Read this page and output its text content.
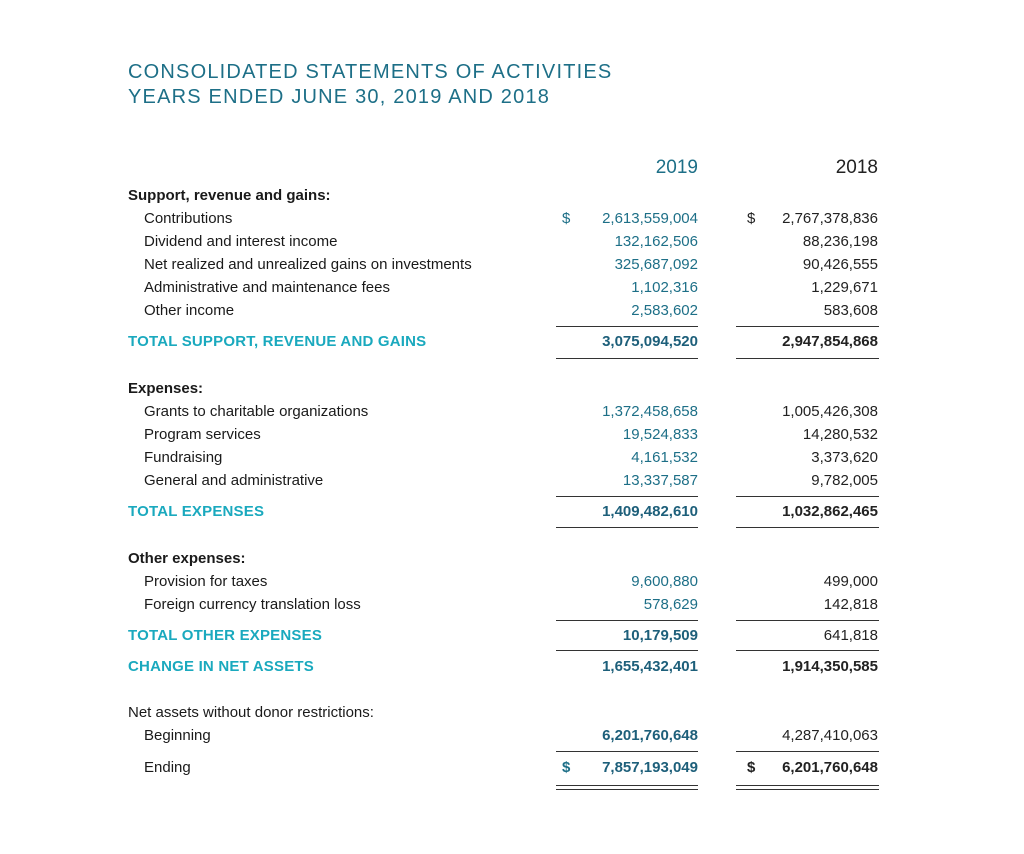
CONSOLIDATED STATEMENTS OF ACTIVITIES
YEARS ENDED JUNE 30, 2019 AND 2018
2019	2018
Support, revenue and gains:
Contributions	$	2,613,559,004	$	2,767,378,836
Dividend and interest income	132,162,506	88,236,198
Net realized and unrealized gains on investments	325,687,092	90,426,555
Administrative and maintenance fees	1,102,316	1,229,671
Other income	2,583,602	583,608
TOTAL SUPPORT, REVENUE AND GAINS	3,075,094,520	2,947,854,868
Expenses:
Grants to charitable organizations	1,372,458,658	1,005,426,308
Program services	19,524,833	14,280,532
Fundraising	4,161,532	3,373,620
General and administrative	13,337,587	9,782,005
TOTAL EXPENSES	1,409,482,610	1,032,862,465
Other expenses:
Provision for taxes	9,600,880	499,000
Foreign currency translation loss	578,629	142,818
TOTAL OTHER EXPENSES	10,179,509	641,818
CHANGE IN NET ASSETS	1,655,432,401	1,914,350,585
Net assets without donor restrictions:
Beginning	6,201,760,648	4,287,410,063
Ending	$	7,857,193,049	$	6,201,760,648
